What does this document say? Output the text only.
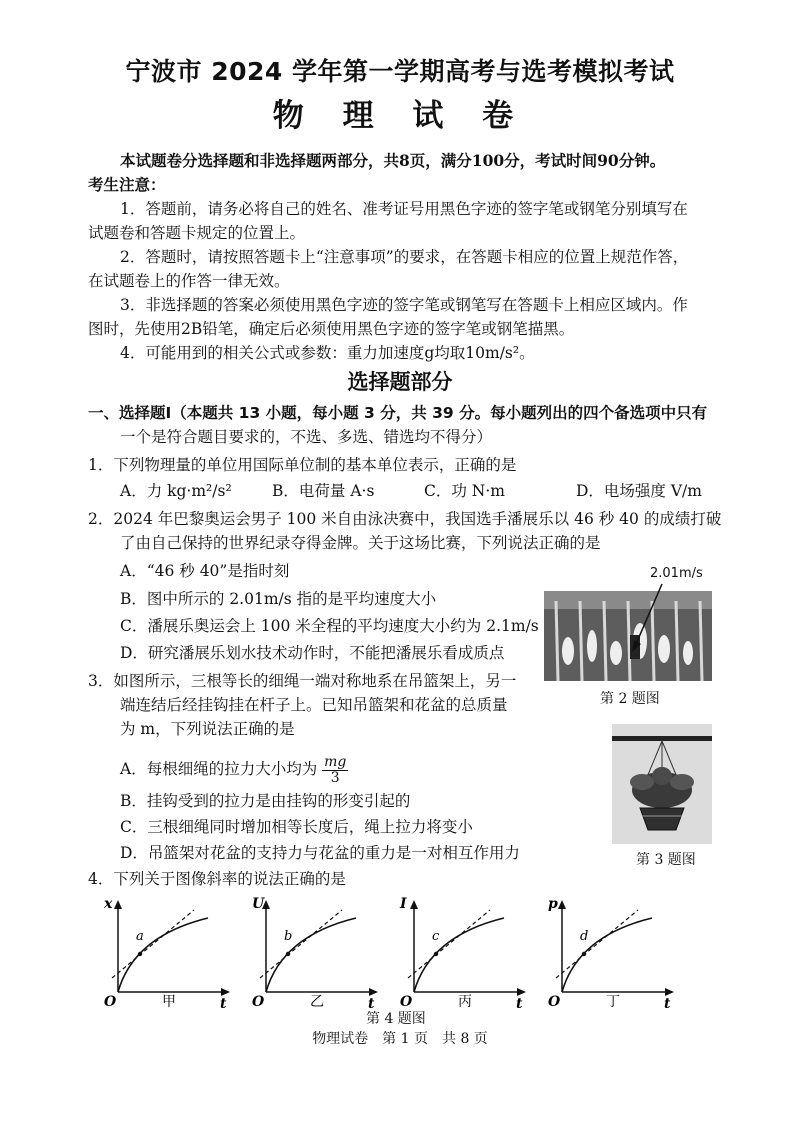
宁波市 2024 学年第一学期高考与选考模拟考试
物 理 试 卷
本试题卷分选择题和非选择题两部分，共8页，满分100分，考试时间90分钟。
考生注意：
1．答题前，请务必将自己的姓名、准考证号用黑色字迹的签字笔或钢笔分别填写在
试题卷和答题卡规定的位置上。
2．答题时，请按照答题卡上“注意事项”的要求，在答题卡相应的位置上规范作答，
在试题卷上的作答一律无效。
3．非选择题的答案必须使用黑色字迹的签字笔或钢笔写在答题卡上相应区域内。作
图时，先使用2B铅笔，确定后必须使用黑色字迹的签字笔或钢笔描黑。
4．可能用到的相关公式或参数：重力加速度g均取10m/s²。
选择题部分
一、选择题Ⅰ（本题共 13 小题，每小题 3 分，共 39 分。每小题列出的四个备选项中只有
一个是符合题目要求的，不选、多选、错选均不得分）
1．下列物理量的单位用国际单位制的基本单位表示，正确的是
A．力 kg·m²/s²	B．电荷量 A·s	C．功 N·m	D．电场强度 V/m
2．2024 年巴黎奥运会男子 100 米自由泳决赛中，我国选手潘展乐以 46 秒 40 的成绩打破
了由自己保持的世界纪录夺得金牌。关于这场比赛，下列说法正确的是
A．“46 秒 40”是指时刻
B．图中所示的 2.01m/s 指的是平均速度大小
C．潘展乐奥运会上 100 米全程的平均速度大小约为 2.1m/s
D．研究潘展乐划水技术动作时，不能把潘展乐看成质点
2.01m/s
第 2 题图
3．如图所示，三根等长的细绳一端对称地系在吊篮架上，另一
端连结后经挂钩挂在杆子上。已知吊篮架和花盆的总质量
为 m，下列说法正确的是
A．每根细绳的拉力大小均为 $\frac{mg}{3}$
B．挂钩受到的拉力是由挂钩的形变引起的
C．三根细绳同时增加相等长度后，绳上拉力将变小
D．吊篮架对花盆的支持力与花盆的重力是一对相互作用力	第 3 题图
4．下列关于图像斜率的说法正确的是
x
a
O	甲	t
U
b
O	乙	t
I
c
O	丙	t
p
d
O	丁	t
第 4 题图
物理试卷　第 1 页　共 8 页
